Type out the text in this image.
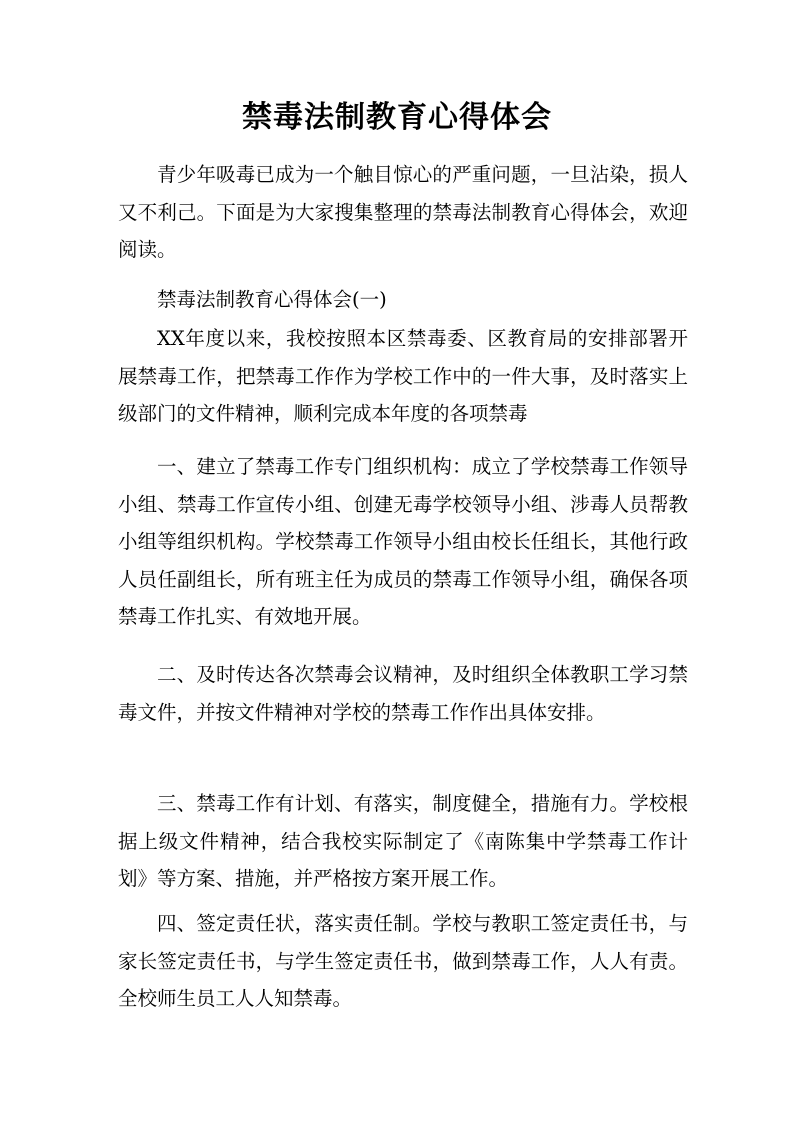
禁毒法制教育心得体会

青少年吸毒已成为一个触目惊心的严重问题，一旦沾染，损人又不利己。下面是为大家搜集整理的禁毒法制教育心得体会，欢迎阅读。

禁毒法制教育心得体会(一)

XX年度以来，我校按照本区禁毒委、区教育局的安排部署开展禁毒工作，把禁毒工作作为学校工作中的一件大事，及时落实上级部门的文件精神，顺利完成本年度的各项禁毒

一、建立了禁毒工作专门组织机构：成立了学校禁毒工作领导小组、禁毒工作宣传小组、创建无毒学校领导小组、涉毒人员帮教小组等组织机构。学校禁毒工作领导小组由校长任组长，其他行政人员任副组长，所有班主任为成员的禁毒工作领导小组，确保各项禁毒工作扎实、有效地开展。

二、及时传达各次禁毒会议精神，及时组织全体教职工学习禁毒文件，并按文件精神对学校的禁毒工作作出具体安排。

三、禁毒工作有计划、有落实，制度健全，措施有力。学校根据上级文件精神，结合我校实际制定了《南陈集中学禁毒工作计划》等方案、措施，并严格按方案开展工作。

四、签定责任状，落实责任制。学校与教职工签定责任书，与家长签定责任书，与学生签定责任书，做到禁毒工作，人人有责。全校师生员工人人知禁毒。
